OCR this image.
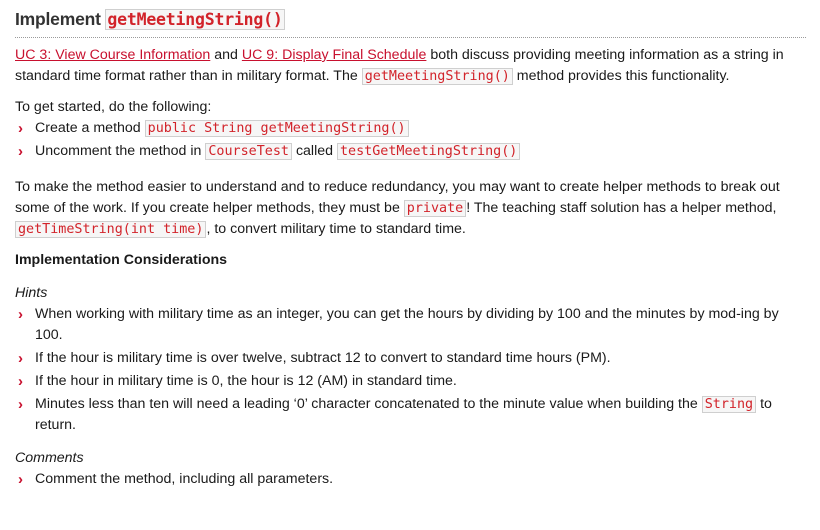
Implement getMeetingString()

UC 3: View Course Information and UC 9: Display Final Schedule both discuss providing meeting information as a string in standard time format rather than in military format. The getMeetingString() method provides this functionality.

To get started, do the following:

› Create a method public String getMeetingString()
› Uncomment the method in CourseTest called testGetMeetingString()

To make the method easier to understand and to reduce redundancy, you may want to create helper methods to break out some of the work. If you create helper methods, they must be private ! The teaching staff solution has a helper method, getTimeString(int time) , to convert military time to standard time.

Implementation Considerations

Hints

› When working with military time as an integer, you can get the hours by dividing by 100 and the minutes by mod-ing by 100.
› If the hour is military time is over twelve, subtract 12 to convert to standard time hours (PM).
› If the hour in military time is 0, the hour is 12 (AM) in standard time.
› Minutes less than ten will need a leading ‘0’ character concatenated to the minute value when building the String to return.

Comments

› Comment the method, including all parameters.
